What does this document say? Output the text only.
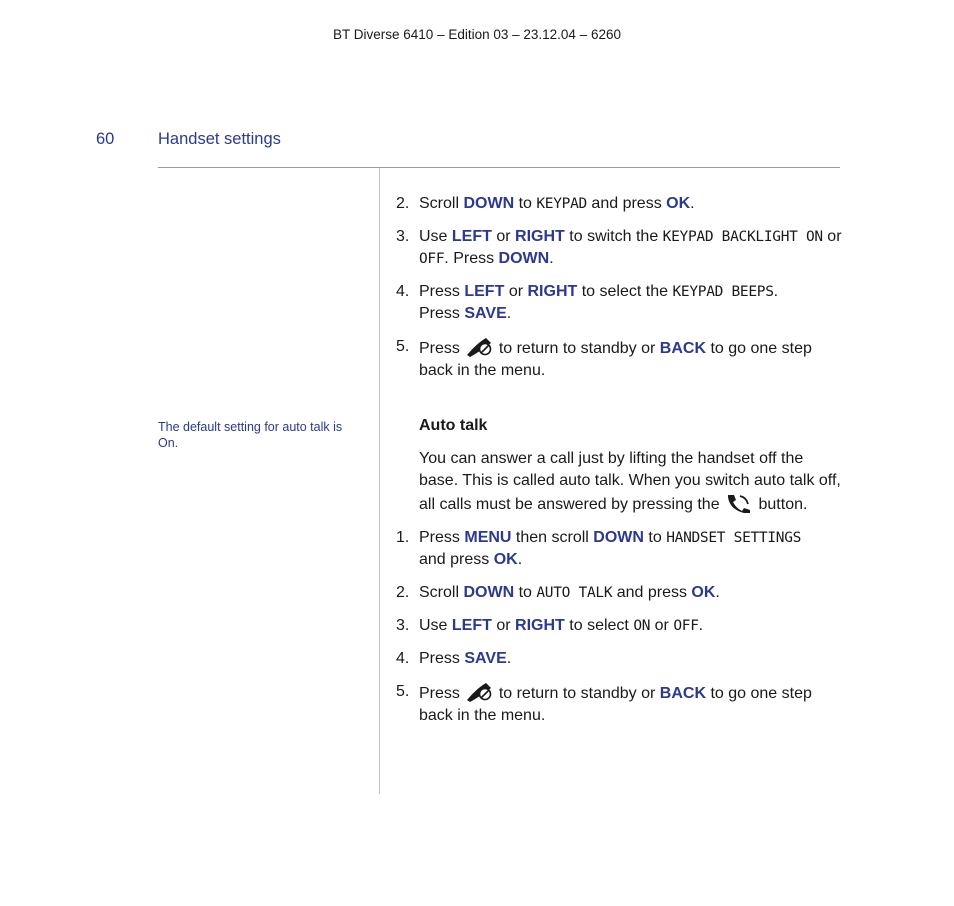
BT Diverse 6410 – Edition 03 – 23.12.04 – 6260
60	Handset settings
The default setting for auto talk is On.
2. Scroll DOWN to KEYPAD and press OK.
3. Use LEFT or RIGHT to switch the KEYPAD BACKLIGHT ON or OFF. Press DOWN.
4. Press LEFT or RIGHT to select the KEYPAD BEEPS.
Press SAVE.
5. Press to return to standby or BACK to go one step back in the menu.
Auto talk
You can answer a call just by lifting the handset off the base. This is called auto talk. When you switch auto talk off, all calls must be answered by pressing the button.
1. Press MENU then scroll DOWN to HANDSET SETTINGS
and press OK.
2. Scroll DOWN to AUTO TALK and press OK.
3. Use LEFT or RIGHT to select ON or OFF.
4. Press SAVE.
5. Press to return to standby or BACK to go one step back in the menu.
